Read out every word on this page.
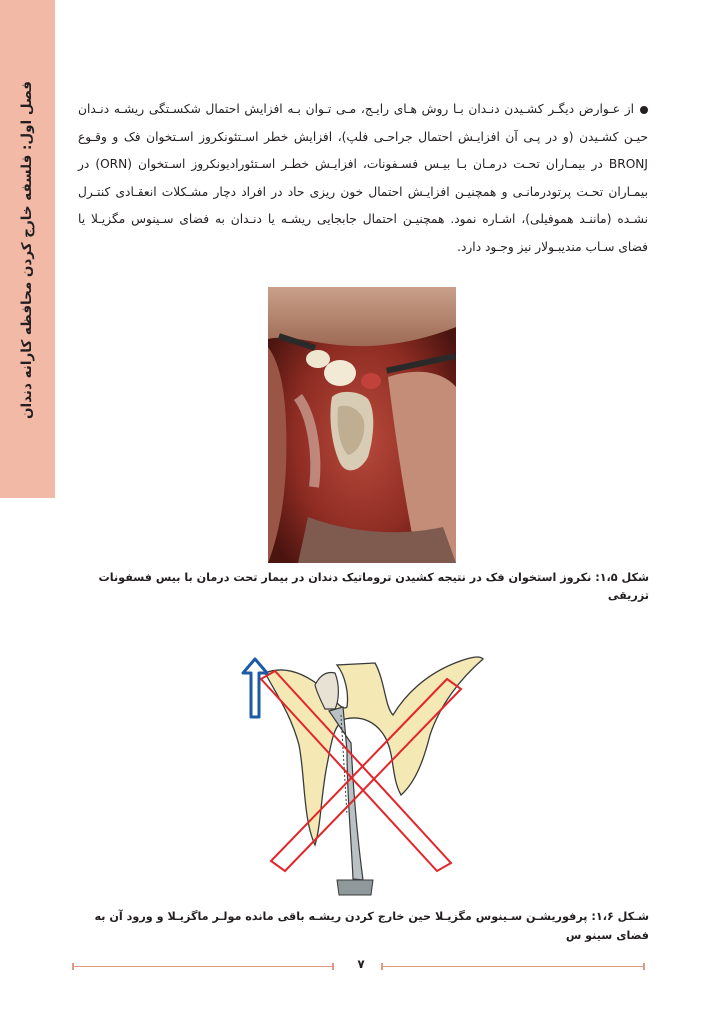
فصل اول: فلسفه خارج کردن محافظه کارانه دندان	از عـوارض دیگـر کشـیدن دنـدان بـا روش هـای رایـج، مـی تـوان بـه افزایش احتمال شکسـتگی ریشـه دنـدان حیـن کشـیدن (و در پـی آن افزایـش احتمال جراحـی فلپ)، افزایش خطر اسـتئونکروز اسـتخوان فک و وقـوع BRONJ در بیمـاران تحـت درمـان بـا بیـس فسـفونات، افزایـش خطـر اسـتئورادیونکروز اسـتخوان (ORN) در بیمـاران تحـت پرتودرمانـی و همچنیـن افزایـش احتمال خون ریزی حاد در افراد دچار مشـکلات انعقـادی کنتـرل نشـده (ماننـد هموفیلی)، اشـاره نمود. همچنیـن احتمال جابجایی ریشـه یا دنـدان به فضای سـینوس مگزیـلا یا فضای سـاب مندیبـولار نیز وجـود دارد.
شکل ۱،۵: نکروز استخوان فک در نتیجه کشیدن تروماتیک دندان در بیمار تحت درمان با بیس فسفونات تزریقی
شـکل ۱،۶: پرفوریشـن سـینوس مگزیـلا حین خارج کردن ریشـه باقی مانده مولـر ماگزیـلا و ورود آن به فضای سینو س
۷
